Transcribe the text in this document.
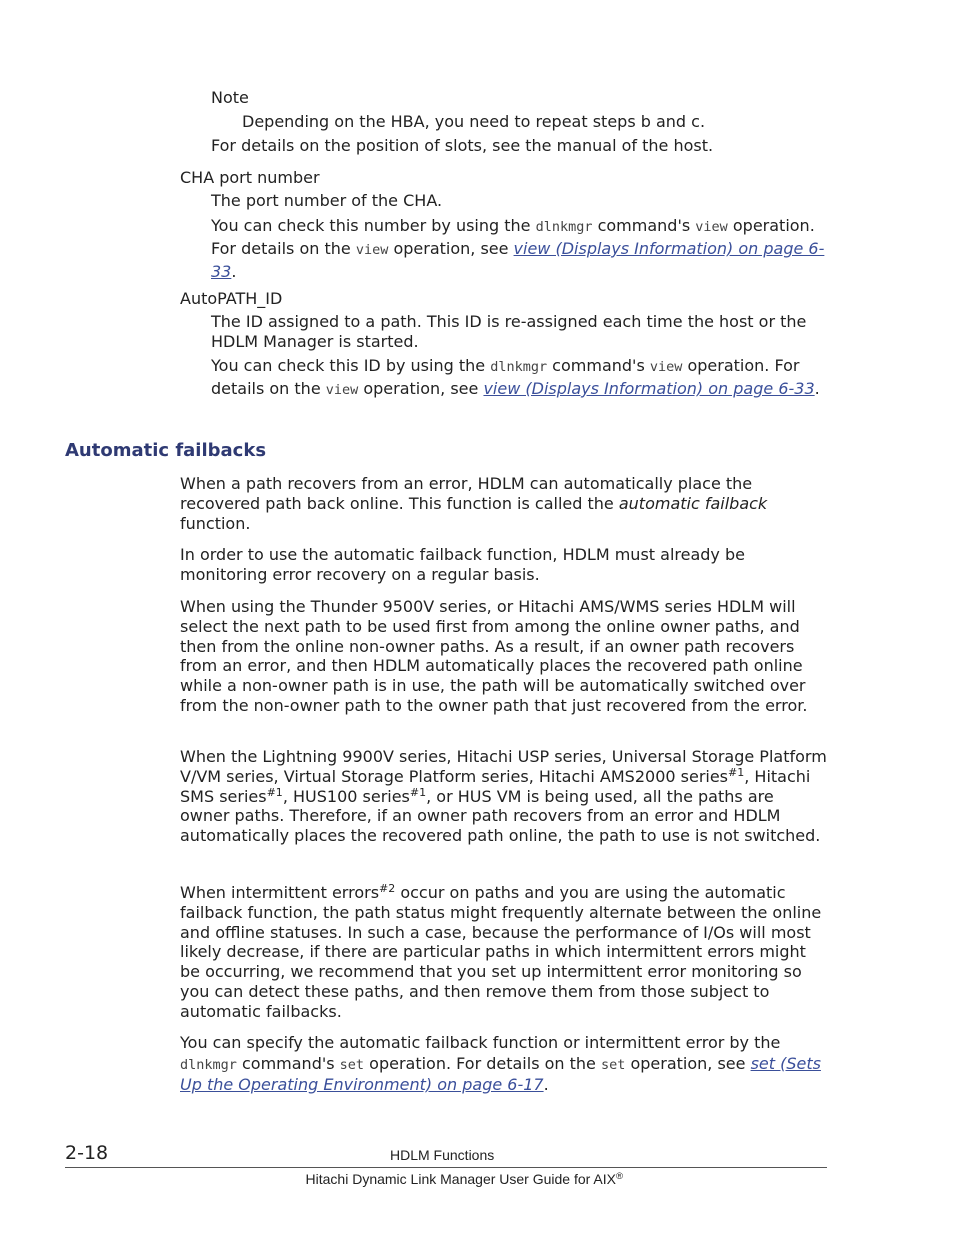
Note

Depending on the HBA, you need to repeat steps b and c.

For details on the position of slots, see the manual of the host.

CHA port number

The port number of the CHA.

You can check this number by using the dlnkmgr command's view operation. For details on the view operation, see view (Displays Information) on page 6-33.

AutoPATH_ID

The ID assigned to a path. This ID is re-assigned each time the host or the HDLM Manager is started.

You can check this ID by using the dlnkmgr command's view operation. For details on the view operation, see view (Displays Information) on page 6-33.

Automatic failbacks

When a path recovers from an error, HDLM can automatically place the recovered path back online. This function is called the automatic failback function.

In order to use the automatic failback function, HDLM must already be monitoring error recovery on a regular basis.

When using the Thunder 9500V series, or Hitachi AMS/WMS series HDLM will select the next path to be used first from among the online owner paths, and then from the online non-owner paths. As a result, if an owner path recovers from an error, and then HDLM automatically places the recovered path online while a non-owner path is in use, the path will be automatically switched over from the non-owner path to the owner path that just recovered from the error.

When the Lightning 9900V series, Hitachi USP series, Universal Storage Platform V/VM series, Virtual Storage Platform series, Hitachi AMS2000 series$^{\#1}$, Hitachi SMS series$^{\#1}$, HUS100 series$^{\#1}$, or HUS VM is being used, all the paths are owner paths. Therefore, if an owner path recovers from an error and HDLM automatically places the recovered path online, the path to use is not switched.

When intermittent errors$^{\#2}$ occur on paths and you are using the automatic failback function, the path status might frequently alternate between the online and offline statuses. In such a case, because the performance of I/Os will most likely decrease, if there are particular paths in which intermittent errors might be occurring, we recommend that you set up intermittent error monitoring so you can detect these paths, and then remove them from those subject to automatic failbacks.

You can specify the automatic failback function or intermittent error by the dlnkmgr command's set operation. For details on the set operation, see set (Sets Up the Operating Environment) on page 6-17.

2-18	HDLM Functions
Hitachi Dynamic Link Manager User Guide for AIX®
